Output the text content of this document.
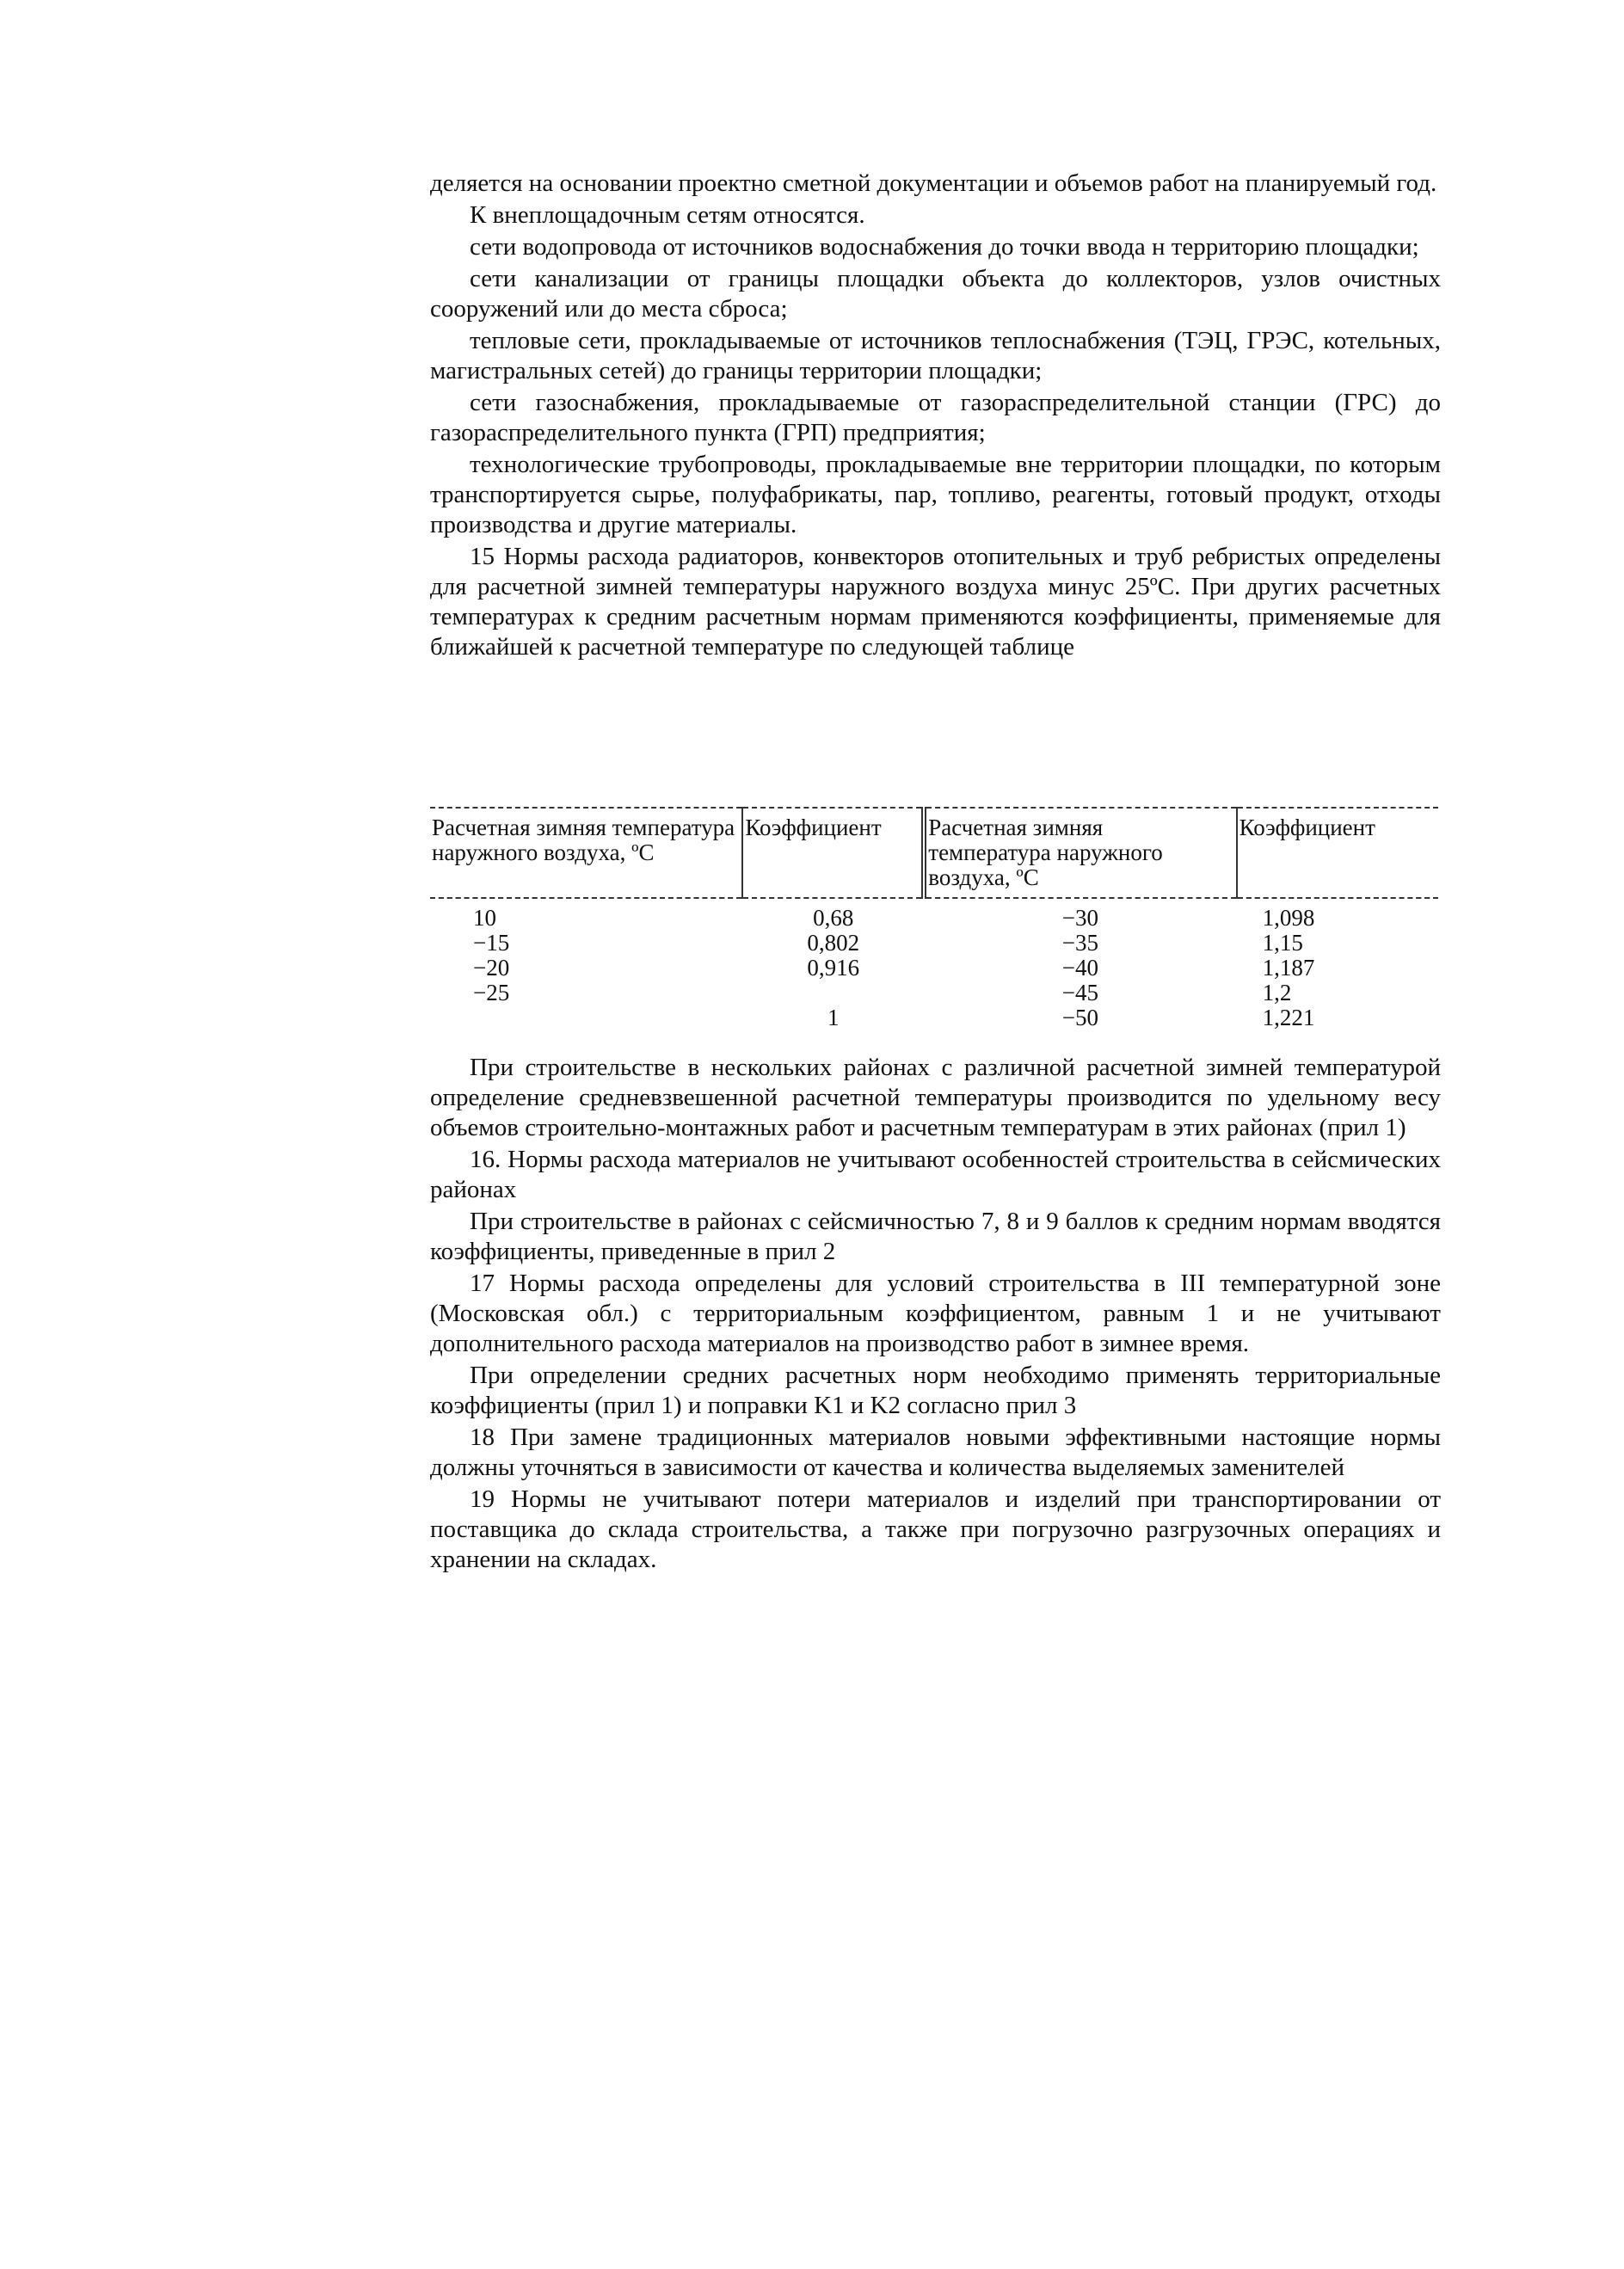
деляется на основании проектно сметной документации и объемов работ на планируемый год.

К внеплощадочным сетям относятся.

сети водопровода от источников водоснабжения до точки ввода н территорию площадки;

сети канализации от границы площадки объекта до коллекторов, узлов очистных сооружений или до места сброса;

тепловые сети, прокладываемые от источников теплоснабжения (ТЭЦ, ГРЭС, котельных, магистральных сетей) до границы территории площадки;

сети газоснабжения, прокладываемые от газораспределительной станции (ГРС) до газораспределительного пункта (ГРП) предприятия;

технологические трубопроводы, прокладываемые вне территории площадки, по которым транспортируется сырье, полуфабрикаты, пар, топливо, реагенты, готовый продукт, отходы производства и другие материалы.

15 Нормы расхода радиаторов, конвекторов отопительных и труб ребристых определены для расчетной зимней температуры наружного воздуха минус 25ºС. При других расчетных температурах к средним расчетным нормам применяются коэффициенты, применяемые для ближайшей к расчетной температуре по следующей таблице

Расчетная зимняя температура наружного воздуха, ºС	Коэффициент	Расчетная зимняя температура наружного воздуха, ºС	Коэффициент
10	0,68	−30	1,098
−15	0,802	−35	1,15
−20	0,916	−40	1,187
−25		−45	1,2
	1	−50	1,221

При строительстве в нескольких районах с различной расчетной зимней температурой определение средневзвешенной расчетной температуры производится по удельному весу объемов строительно-монтажных работ и расчетным температурам в этих районах (прил 1)

16. Нормы расхода материалов не учитывают особенностей строительства в сейсмических районах

При строительстве в районах с сейсмичностью 7, 8 и 9 баллов к средним нормам вводятся коэффициенты, приведенные в прил 2

17 Нормы расхода определены для условий строительства в III температурной зоне (Московская обл.) с территориальным коэффициентом, равным 1 и не учитывают дополнительного расхода материалов на производство работ в зимнее время.

При определении средних расчетных норм необходимо применять территориальные коэффициенты (прил 1) и поправки K1 и K2 согласно прил 3

18 При замене традиционных материалов новыми эффективными настоящие нормы должны уточняться в зависимости от качества и количества выделяемых заменителей

19 Нормы не учитывают потери материалов и изделий при транспортировании от поставщика до склада строительства, а также при погрузочно разгрузочных операциях и хранении на складах.
